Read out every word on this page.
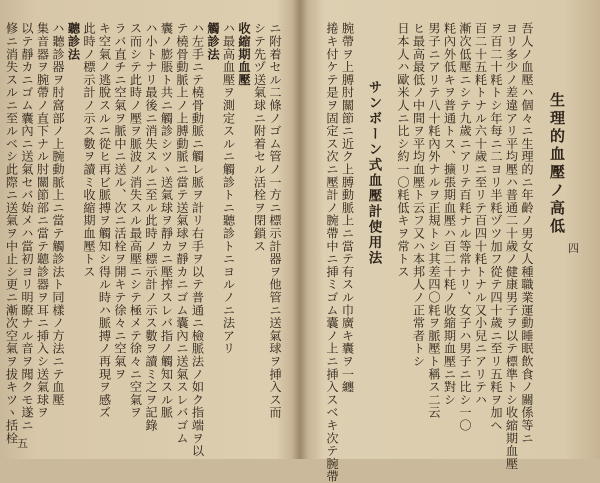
生理的血壓ノ高低
吾人ノ血壓ハ個々ニ生理的ニ年齡ノ男女人種職業運動睡眠飲食ノ關係等ニ
ヨリ多少ノ差違アリ平均壓ハ普通二十歲ノ健康男子ヲ以テ標準トシ收縮期血壓
ヲ百二十粍トシ年每ニ二ヨリ半粍ヅツ加フ從テ四十歲ニ至リ五粍ヲ加ヘ
百二十五粍トナル六十歲ニ至リテ百四十粍トナル又小兒ニアリテハ
漸次低壓ニシテ九歲ニアリテ百粍ナル等常ナリ、女子ハ男子ニ比シ一〇
粍內外低キヲ普通トス、擴張期血壓ハ百二十粍ノ收縮期血壓ニ對シ
男子ニアリテ八十粍內外ナルヲ正規トシ其差四〇粍ヲ脈壓ト稱ス二云
ヒ最高最低ノ中間ヲ平均血壓ト云フ又ハ本邦人ノ正常者トシ
日本人ハ歐米人ニ比シ約一〇粍低キヲ常トス
サンボーン式血壓計使用法
腕帶ヲ上膊肘關節ニ近ク上膊動脈上ニ當テ有スル巾廣キ囊ヲ一纏
捲キ付ケテ是ヲ固定ス次ニ壓計ノ腕帶中ニ挿ミゴム囊ノ上ニ挿入スベキ次テ腕帶
ニ附着セル二條ノゴム管ノ一方ニ標示計器ヲ他管ニ送氣球ヲ挿入ス而
シテ先ヅ送氣球ニ附着セル活栓ヲ閉鎖ス
收縮期血壓
ハ最高血壓ヲ測定スルニ觸診トニ聽診トニヨルノニ法アリ
觸診法
ハ左手ニテ橈骨動脈ニ觸レ脈ヲ計リ右手ヲ以テ普通ニ檢脈法ノ如ク指端ヲ以
テ橈骨動脈上ノ上膊動脈ニ當テ送氣球ヲ靜カニゴム囊內ニ送氣スレバゴム
囊ノ膨脹ト共ニ觸診シツヽ送氣球ヲ靜カニ壓搾スレバ指ノ觸知スル脈
ハ小トナリ最後ニ消失スルニ至ル此時ノ標示計ノ示ス數ヲ讀ミ之ヲ記錄
ス而シテ此時ノ壓ヲ脈波ノ消失スル最高壓ニシテ極メテ徐々ニ空氣ヲ
ラバ直チニ空氣ヲ脈中ニ送ル、次ニ活栓ヲ開キテ徐々ニ空氣ヲ
キ空氣ノ逃脫スルニ從ヒ再ビ脈搏ヲ觸知シ得ル時ハ脈搏ノ再現ヲ感ズ
此時ノ標示計ノ示ス數ヲ讀ミ收縮期血壓トス
聽診法
ハ聽診器ヲ肘窩部ノ上腕動脈上ニ當テ觸診法ト同樣ノ方法ニテ血壓
集音器ヲ腕帶ノ直下ナル肘關節部ニ當テ聽診器ヲ耳ニ挿入シ送氣球ヲ
以テ靜カニゴム囊內ニ送氣セバ始メハ當初ヨリ明瞭ナル音ヲ聞クモ遂ニ
修ニ消失スルニ至ルベシ此際ニ送氣ヲ中止シ更ニ漸次空氣ヲ拔キツヽ括栓	四
五
